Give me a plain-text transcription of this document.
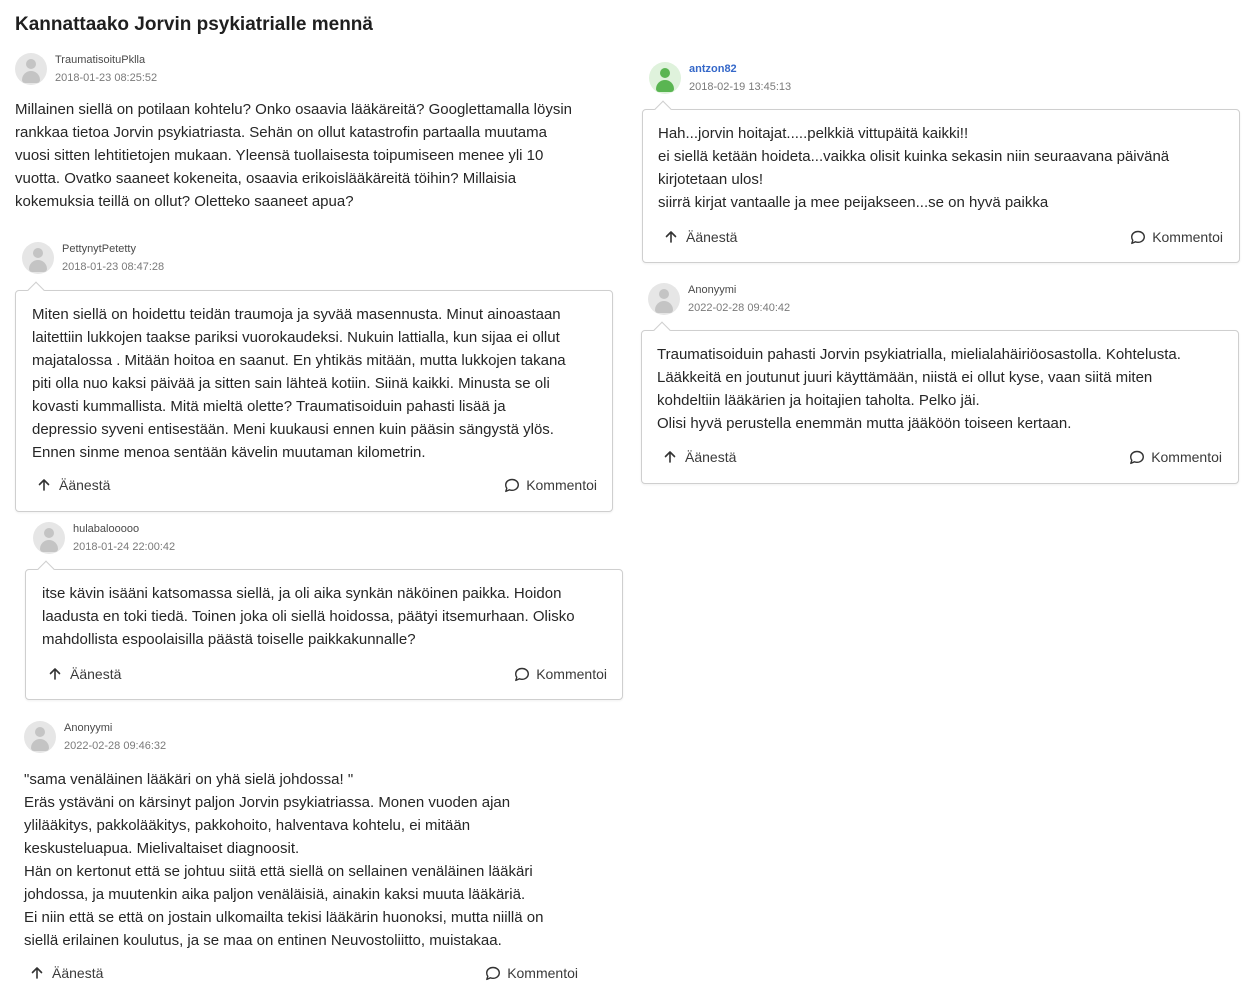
Kannattaako Jorvin psykiatrialle mennä
TraumatisoituPklla
2018-01-23 08:25:52

Millainen siellä on potilaan kohtelu? Onko osaavia lääkäreitä? Googlettamalla löysin

rankkaa tietoa Jorvin psykiatriasta. Sehän on ollut katastrofin partaalla muutama

vuosi sitten lehtitietojen mukaan. Yleensä tuollaisesta toipumiseen menee yli 10

vuotta. Ovatko saaneet kokeneita, osaavia erikoislääkäreitä töihin? Millaisia

kokemuksia teillä on ollut? Oletteko saaneet apua?

PettynytPetetty
2018-01-23 08:47:28

Miten siellä on hoidettu teidän traumoja ja syvää masennusta. Minut ainoastaan

laitettiin lukkojen taakse pariksi vuorokaudeksi. Nukuin lattialla, kun sijaa ei ollut

majatalossa . Mitään hoitoa en saanut. En yhtikäs mitään, mutta lukkojen takana

piti olla nuo kaksi päivää ja sitten sain lähteä kotiin. Siinä kaikki. Minusta se oli

kovasti kummallista. Mitä mieltä olette? Traumatisoiduin pahasti lisää ja

depressio syveni entisestään. Meni kuukausi ennen kuin pääsin sängystä ylös.

Ennen sinme menoa sentään kävelin muutaman kilometrin.

Äänestä	Kommentoi
hulabalooooo
2018-01-24 22:00:42

itse kävin isääni katsomassa siellä, ja oli aika synkän näköinen paikka. Hoidon

laadusta en toki tiedä. Toinen joka oli siellä hoidossa, päätyi itsemurhaan. Olisko

mahdollista espoolaisilla päästä toiselle paikkakunnalle?

Äänestä	Kommentoi
Anonyymi
2022-02-28 09:46:32

"sama venäläinen lääkäri on yhä sielä johdossa! "

Eräs ystäväni on kärsinyt paljon Jorvin psykiatriassa. Monen vuoden ajan

ylilääkitys, pakkolääkitys, pakkohoito, halventava kohtelu, ei mitään

keskusteluapua. Mielivaltaiset diagnoosit.

Hän on kertonut että se johtuu siitä että siellä on sellainen venäläinen lääkäri

johdossa, ja muutenkin aika paljon venäläisiä, ainakin kaksi muuta lääkäriä.

Ei niin että se että on jostain ulkomailta tekisi lääkärin huonoksi, mutta niillä on

siellä erilainen koulutus, ja se maa on entinen Neuvostoliitto, muistakaa.

Äänestä	Kommentoi
antzon82
2018-02-19 13:45:13

Hah...jorvin hoitajat.....pelkkiä vittupäitä kaikki!!

ei siellä ketään hoideta...vaikka olisit kuinka sekasin niin seuraavana päivänä

kirjotetaan ulos!

siirrä kirjat vantaalle ja mee peijakseen...se on hyvä paikka

Äänestä	Kommentoi
Anonyymi
2022-02-28 09:40:42

Traumatisoiduin pahasti Jorvin psykiatrialla, mielialahäiriöosastolla. Kohtelusta.

Lääkkeitä en joutunut juuri käyttämään, niistä ei ollut kyse, vaan siitä miten

kohdeltiin lääkärien ja hoitajien taholta. Pelko jäi.

Olisi hyvä perustella enemmän mutta jääköön toiseen kertaan.

Äänestä	Kommentoi
